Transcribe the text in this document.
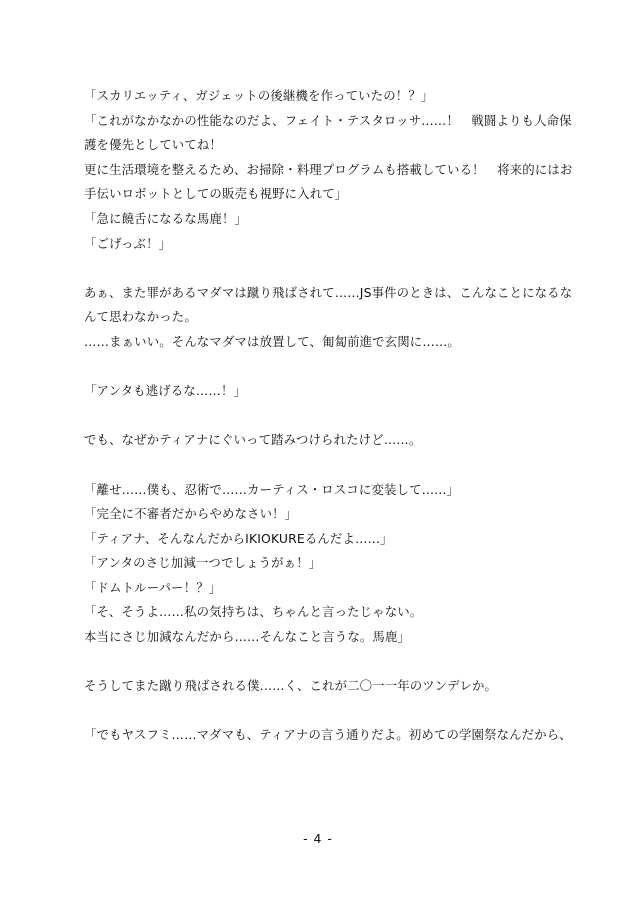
「スカリエッティ、ガジェットの後継機を作っていたの！？」
「これがなかなかの性能なのだよ、フェイト・テスタロッサ……！　戦闘よりも人命保
護を優先としていてね！
更に生活環境を整えるため、お掃除・料理プログラムも搭載している！　将来的にはお
手伝いロボットとしての販売も視野に入れて」
「急に饒舌になるな馬鹿！」
「ごげっぶ！」
あぁ、また罪があるマダマは蹴り飛ばされて……JS事件のときは、こんなことになるな
んて思わなかった。
……まぁいい。そんなマダマは放置して、匍匐前進で玄関に……。
「アンタも逃げるな……！」
でも、なぜかティアナにぐいって踏みつけられたけど……。
「離せ……僕も、忍術で……カーティス・ロスコに変装して……」
「完全に不審者だからやめなさい！」
「ティアナ、そんなんだからIKIOKUREるんだよ……」
「アンタのさじ加減一つでしょうがぁ！」
「ドムトルーパー！？」
「そ、そうよ……私の気持ちは、ちゃんと言ったじゃない。
本当にさじ加減なんだから……そんなこと言うな。馬鹿」
そうしてまた蹴り飛ばされる僕……く、これが二〇一一年のツンデレか。
「でもヤスフミ……マダマも、ティアナの言う通りだよ。初めての学園祭なんだから、
- 4 -
